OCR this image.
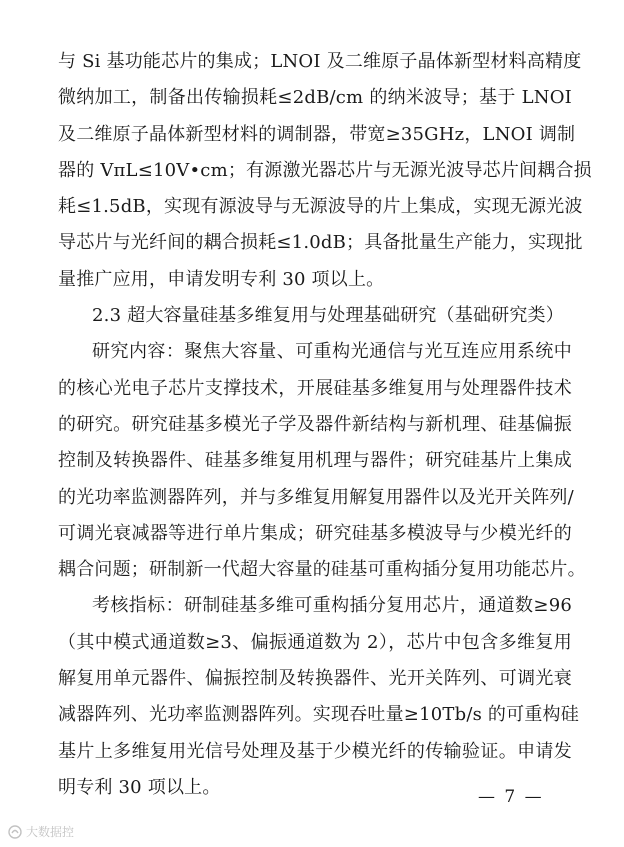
与 Si 基功能芯片的集成；LNOI 及二维原子晶体新型材料高精度
微纳加工，制备出传输损耗≤2dB/cm 的纳米波导；基于 LNOI
及二维原子晶体新型材料的调制器，带宽≥35GHz，LNOI 调制
器的 VπL≤10V•cm；有源激光器芯片与无源光波导芯片间耦合损
耗≤1.5dB，实现有源波导与无源波导的片上集成，实现无源光波
导芯片与光纤间的耦合损耗≤1.0dB；具备批量生产能力，实现批
量推广应用，申请发明专利 30 项以上。
2.3 超大容量硅基多维复用与处理基础研究（基础研究类）
研究内容：聚焦大容量、可重构光通信与光互连应用系统中
的核心光电子芯片支撑技术，开展硅基多维复用与处理器件技术
的研究。研究硅基多模光子学及器件新结构与新机理、硅基偏振
控制及转换器件、硅基多维复用机理与器件；研究硅基片上集成
的光功率监测器阵列，并与多维复用解复用器件以及光开关阵列/
可调光衰减器等进行单片集成；研究硅基多模波导与少模光纤的
耦合问题；研制新一代超大容量的硅基可重构插分复用功能芯片。
考核指标：研制硅基多维可重构插分复用芯片，通道数≥96
（其中模式通道数≥3、偏振通道数为 2），芯片中包含多维复用
解复用单元器件、偏振控制及转换器件、光开关阵列、可调光衰
减器阵列、光功率监测器阵列。实现吞吐量≥10Tb/s 的可重构硅
基片上多维复用光信号处理及基于少模光纤的传输验证。申请发
明专利 30 项以上。	— 7 —
大数据控
